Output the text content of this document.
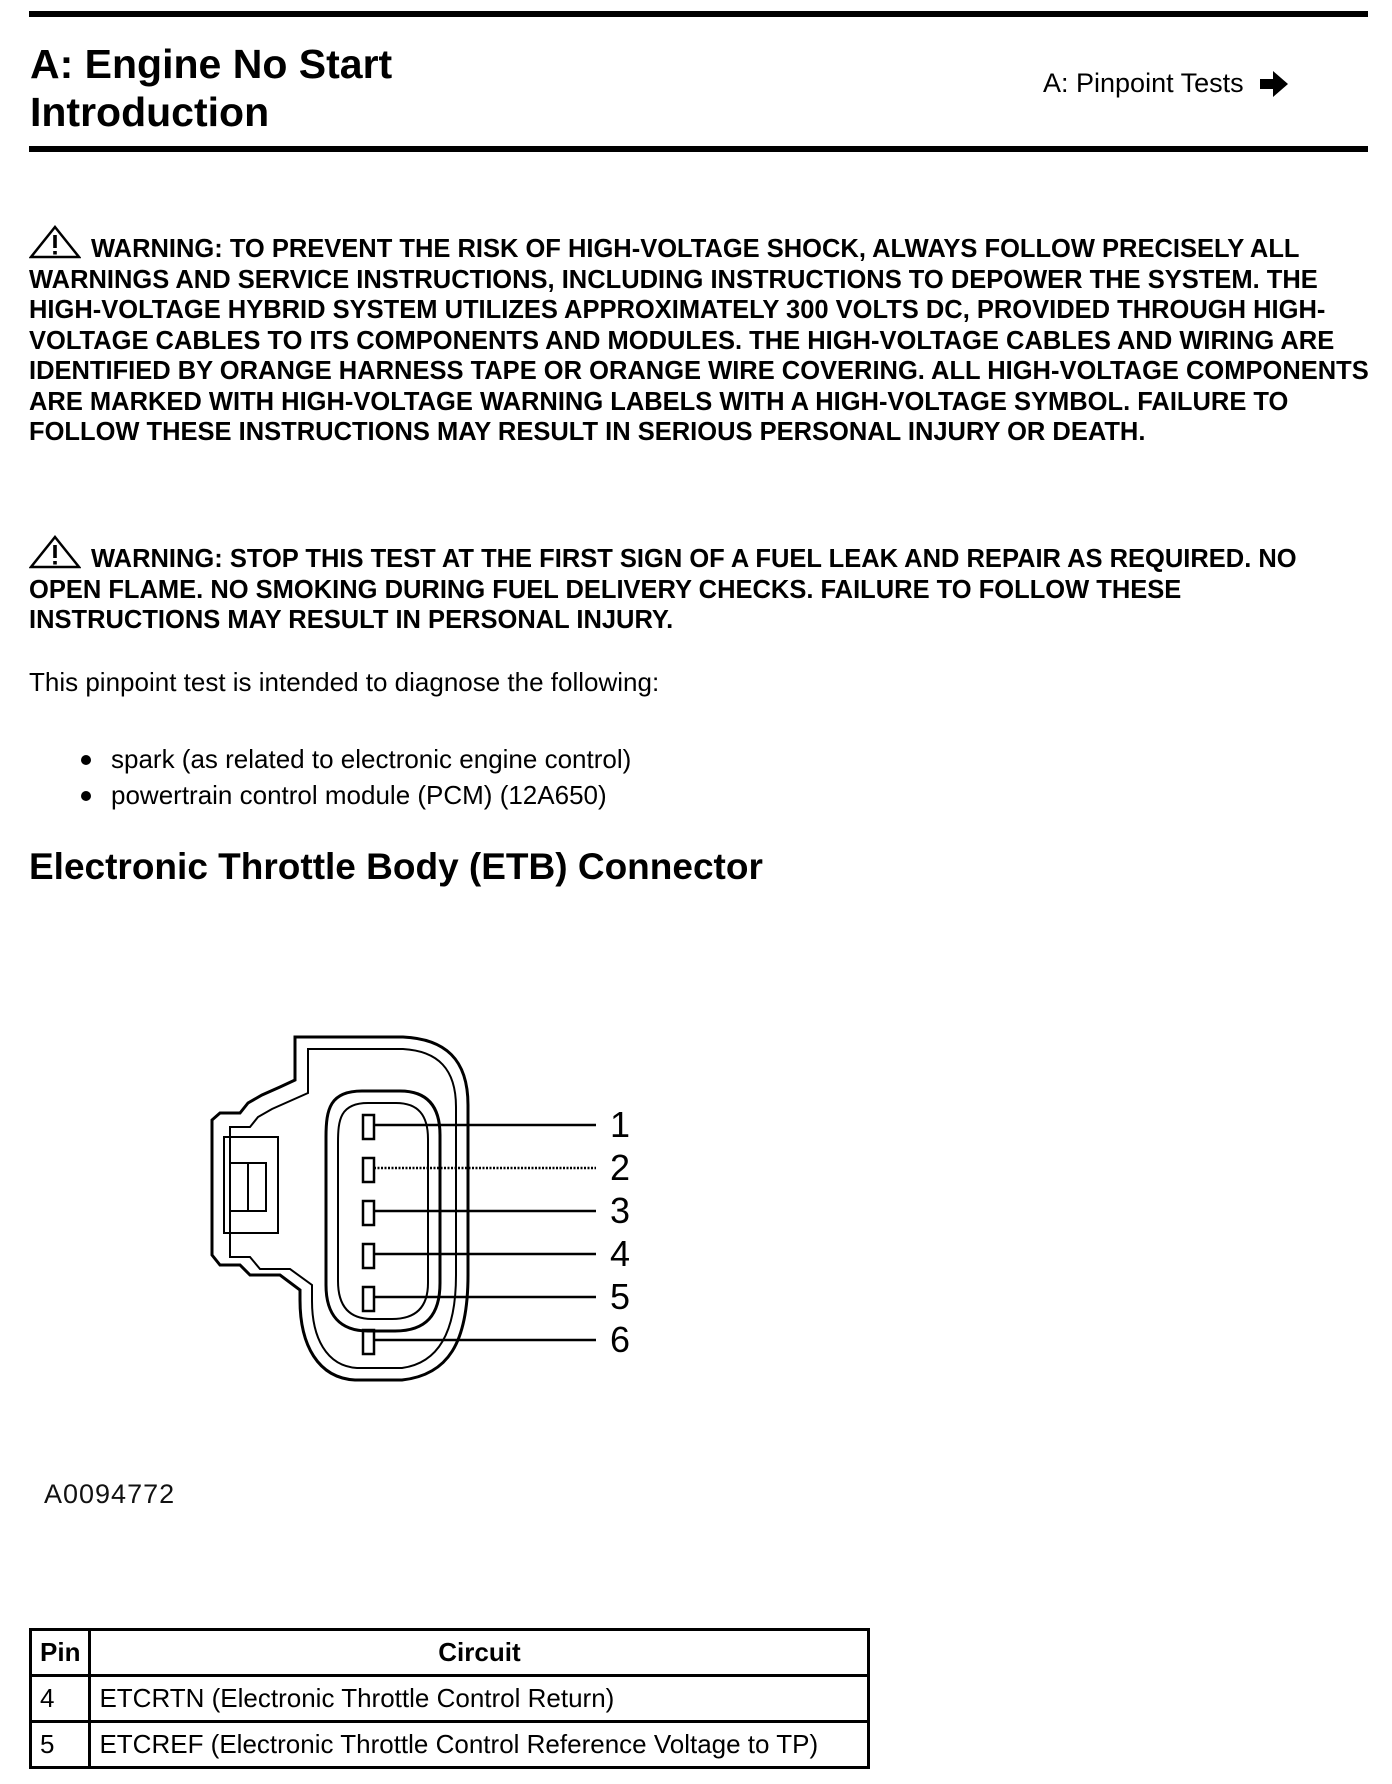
A: Engine No Start
Introduction
A: Pinpoint Tests
WARNING: TO PREVENT THE RISK OF HIGH-VOLTAGE SHOCK, ALWAYS FOLLOW PRECISELY ALL WARNINGS AND SERVICE INSTRUCTIONS, INCLUDING INSTRUCTIONS TO DEPOWER THE SYSTEM. THE HIGH-VOLTAGE HYBRID SYSTEM UTILIZES APPROXIMATELY 300 VOLTS DC, PROVIDED THROUGH HIGH-VOLTAGE CABLES TO ITS COMPONENTS AND MODULES. THE HIGH-VOLTAGE CABLES AND WIRING ARE IDENTIFIED BY ORANGE HARNESS TAPE OR ORANGE WIRE COVERING. ALL HIGH-VOLTAGE COMPONENTS ARE MARKED WITH HIGH-VOLTAGE WARNING LABELS WITH A HIGH-VOLTAGE SYMBOL. FAILURE TO FOLLOW THESE INSTRUCTIONS MAY RESULT IN SERIOUS PERSONAL INJURY OR DEATH.
WARNING: STOP THIS TEST AT THE FIRST SIGN OF A FUEL LEAK AND REPAIR AS REQUIRED. NO OPEN FLAME. NO SMOKING DURING FUEL DELIVERY CHECKS. FAILURE TO FOLLOW THESE INSTRUCTIONS MAY RESULT IN PERSONAL INJURY.
This pinpoint test is intended to diagnose the following:
spark (as related to electronic engine control)
powertrain control module (PCM) (12A650)
Electronic Throttle Body (ETB) Connector
1
2
3
4
5
6
A0094772
Pin	Circuit
4	ETCRTN (Electronic Throttle Control Return)
5	ETCREF (Electronic Throttle Control Reference Voltage to TP)
